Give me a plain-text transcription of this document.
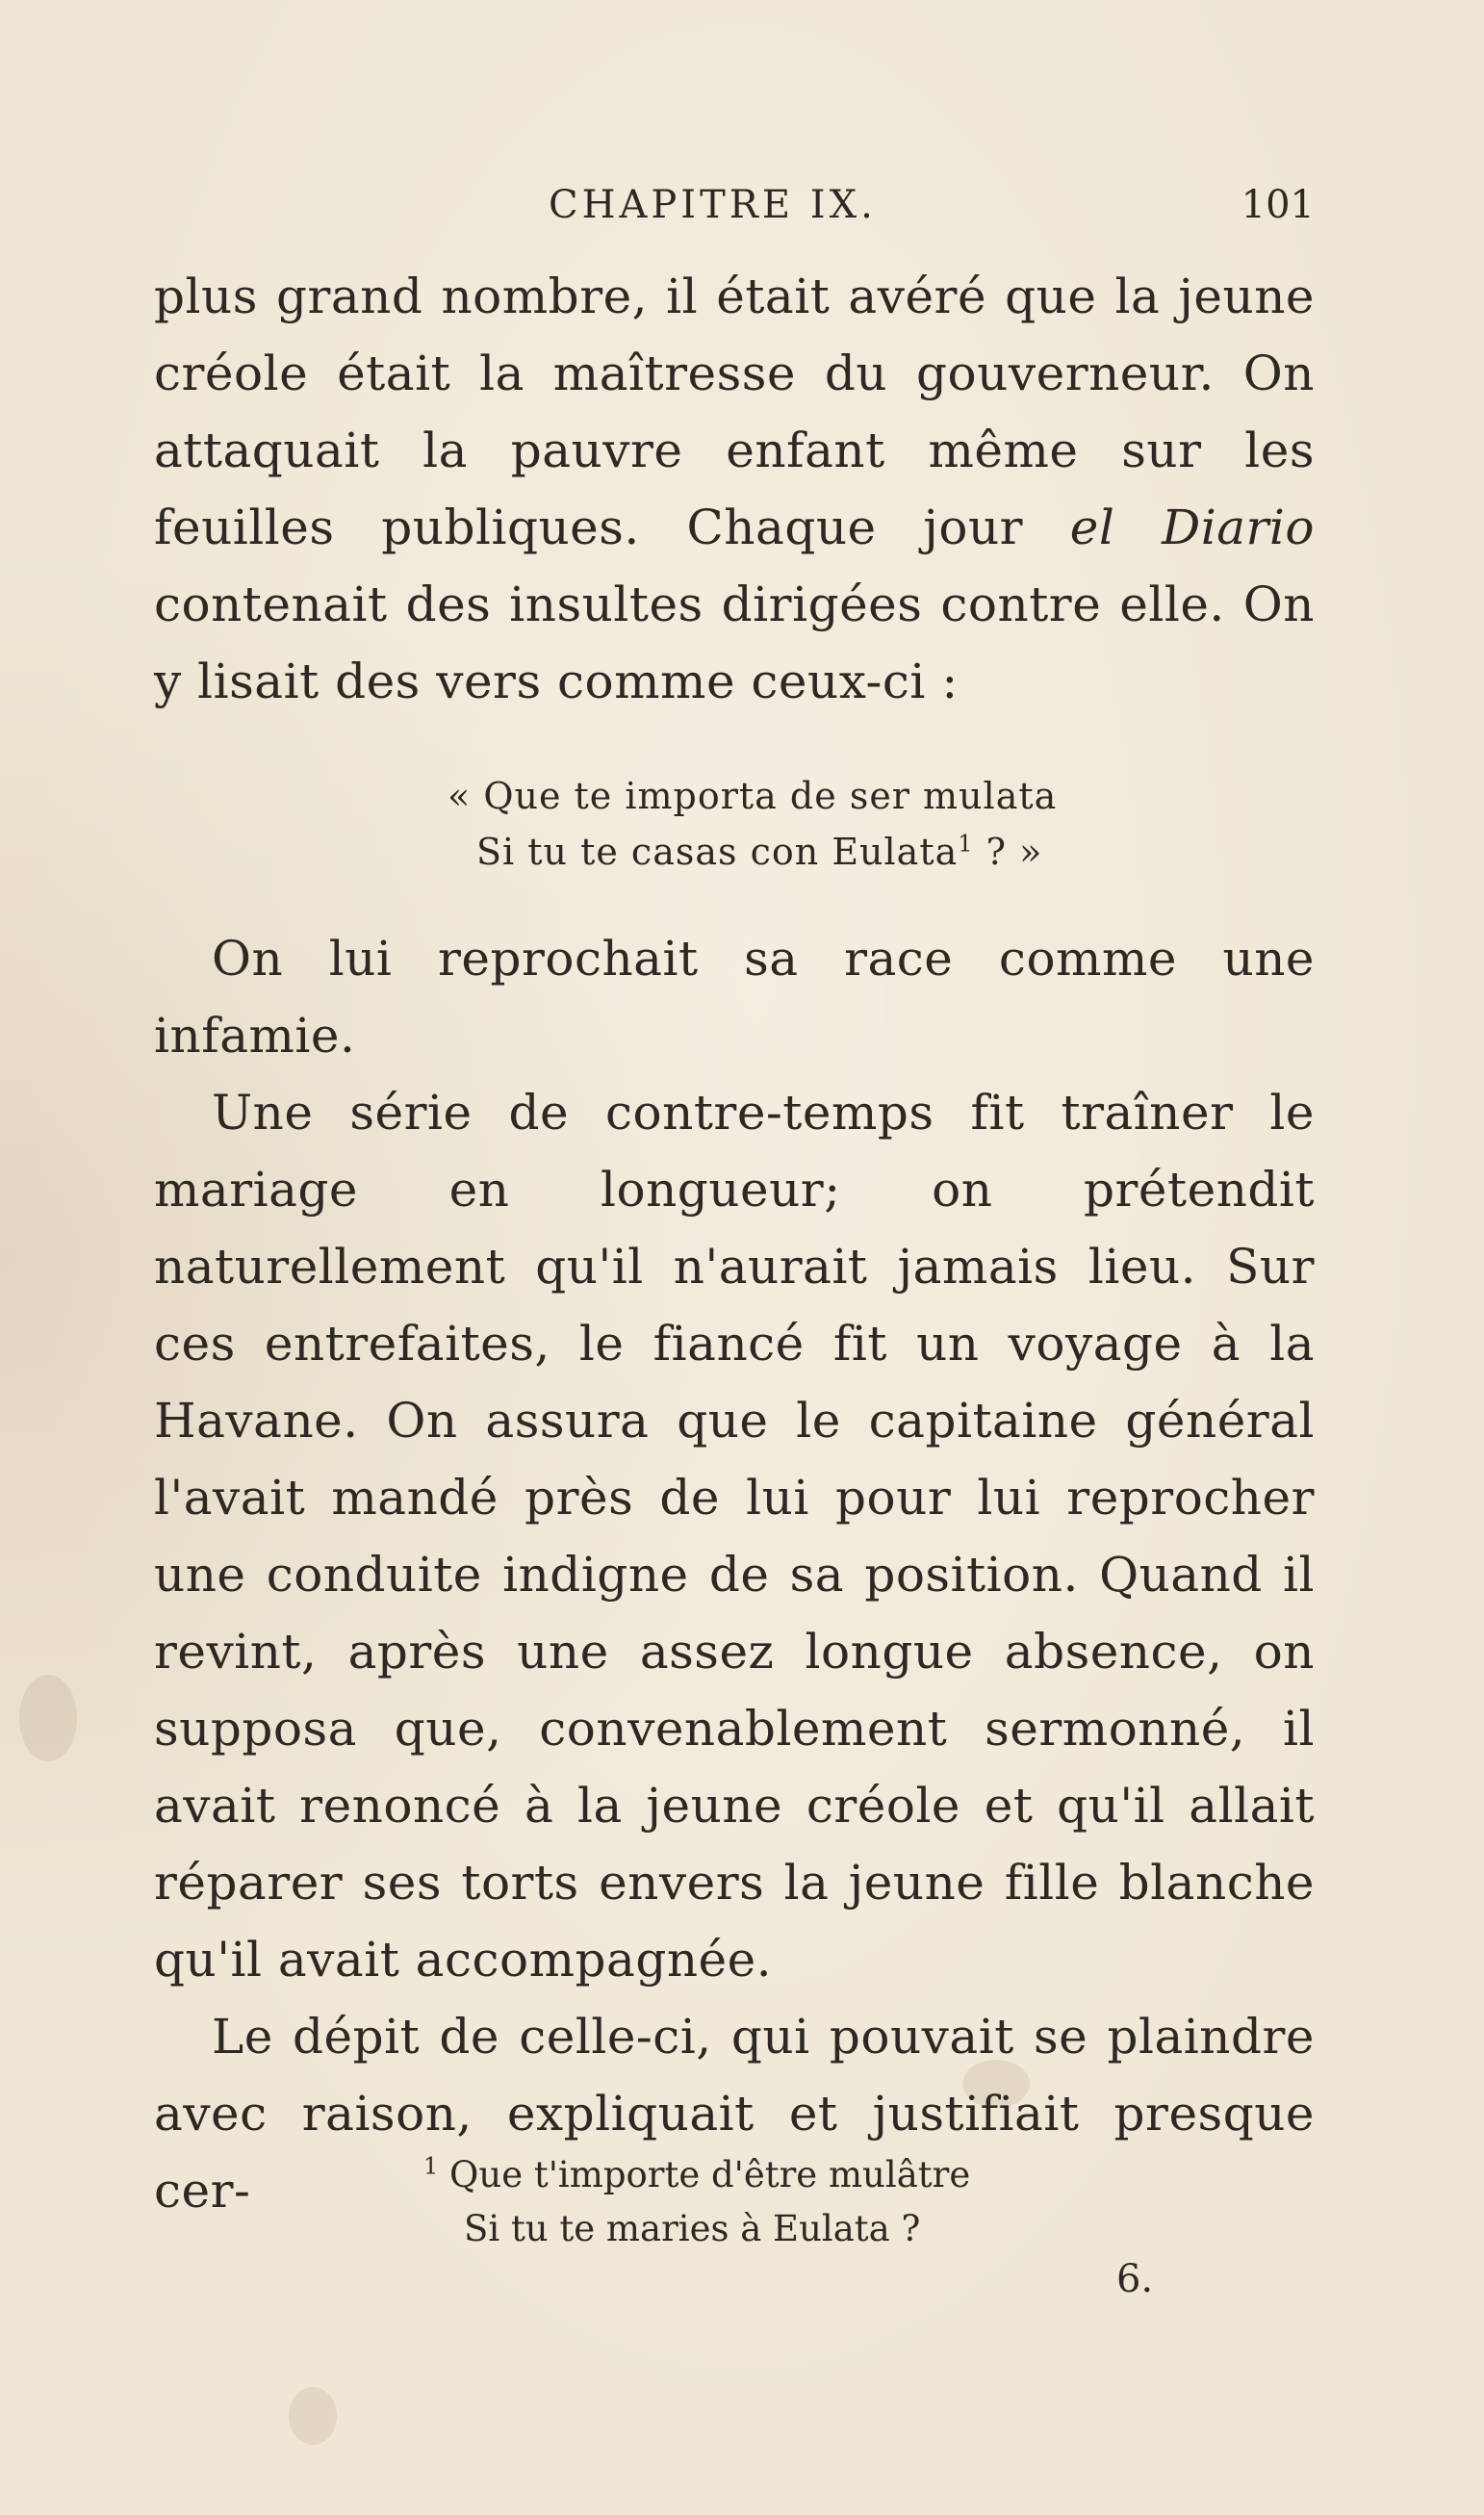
CHAPITRE IX.	101

plus grand nombre, il était avéré que la jeune créole était la maîtresse du gouverneur. On attaquait la pauvre enfant même sur les feuilles publiques. Chaque jour el Diario contenait des insultes dirigées contre elle. On y lisait des vers comme ceux-ci :

« Que te importa de ser mulata
Si tu te casas con Eulata$^1$ ? »

On lui reprochait sa race comme une infamie.

Une série de contre-temps fit traîner le mariage en longueur; on prétendit naturellement qu'il n'aurait jamais lieu. Sur ces entrefaites, le fiancé fit un voyage à la Havane. On assura que le capitaine général l'avait mandé près de lui pour lui reprocher une conduite indigne de sa position. Quand il revint, après une assez longue absence, on supposa que, convenablement sermonné, il avait renoncé à la jeune créole et qu'il allait réparer ses torts envers la jeune fille blanche qu'il avait accompagnée.

Le dépit de celle-ci, qui pouvait se plaindre avec raison, expliquait et justifiait presque cer-	$^1$ Que t'importe d'être mulâtre
Si tu te maries à Eulata ?
6.
